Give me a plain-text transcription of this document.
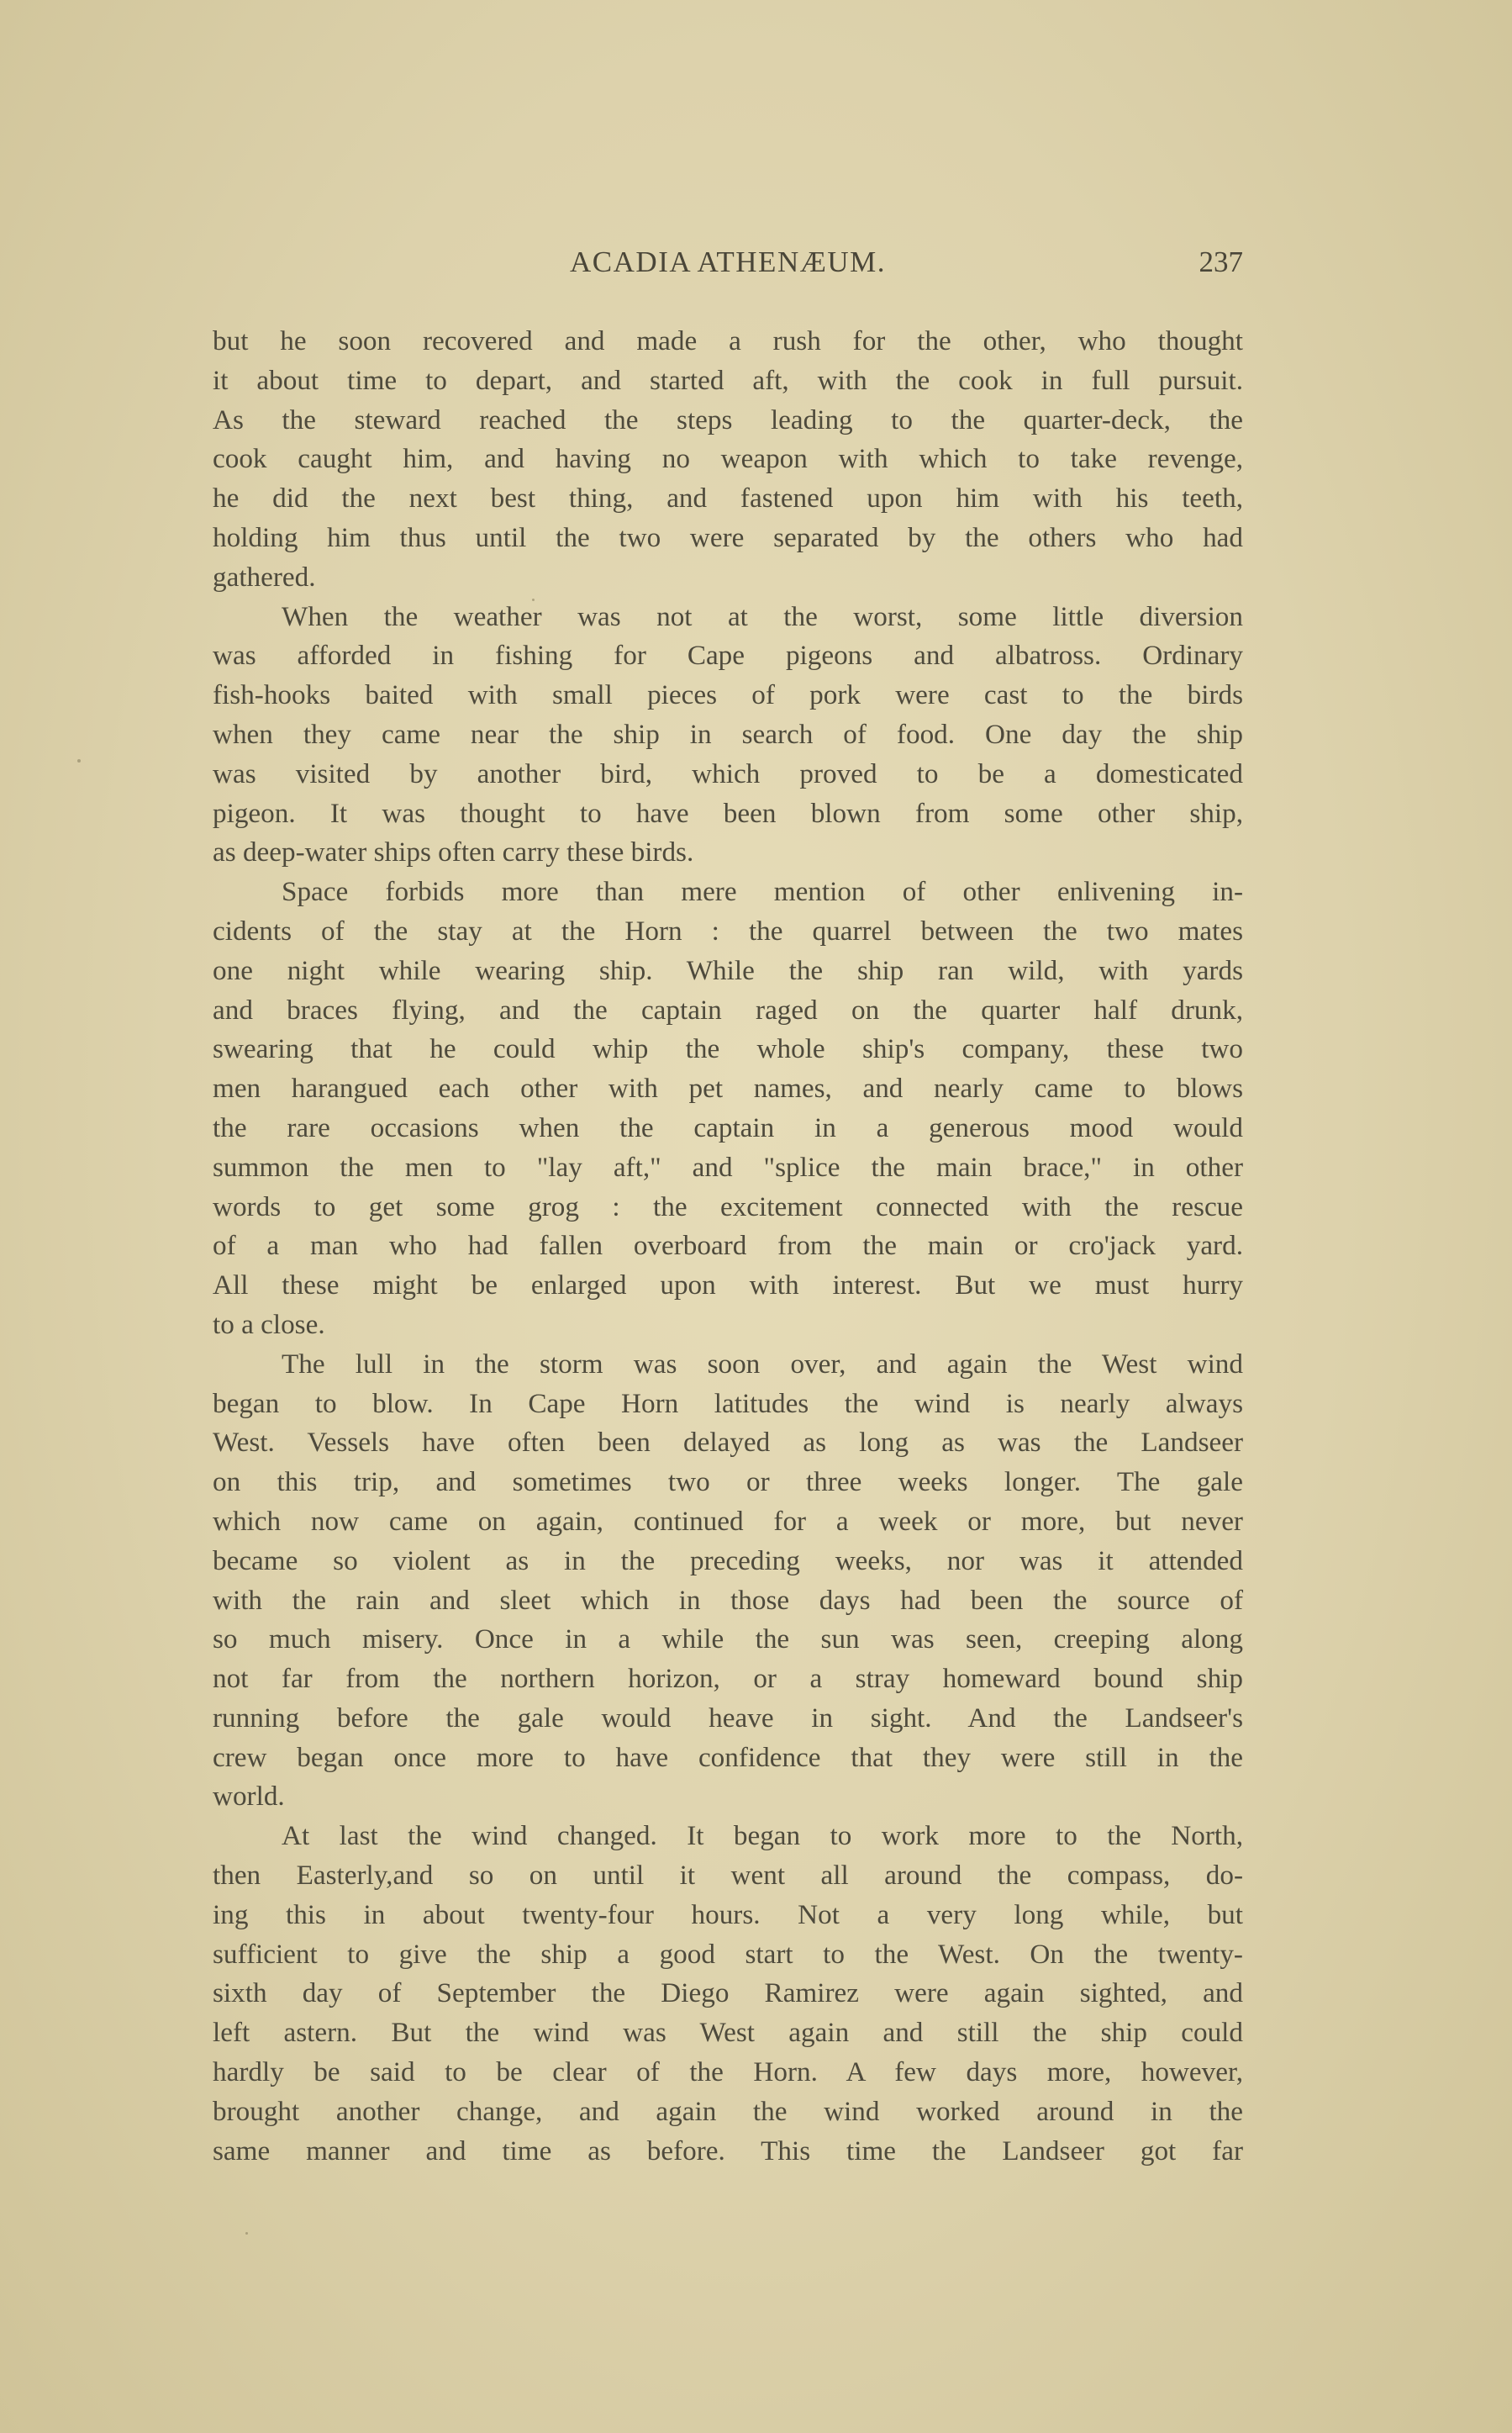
ACADIA ATHENÆUM.	237
but he soon recovered and made a rush for the other, who thought
it about time to depart, and started aft, with the cook in full pursuit.
As the steward reached the steps leading to the quarter-deck, the
cook caught him, and having no weapon with which to take revenge,
he did the next best thing, and fastened upon him with his teeth,
holding him thus until the two were separated by the others who had
gathered.
When the weather was not at the worst, some little diversion
was afforded in fishing for Cape pigeons and albatross. Ordinary
fish-hooks baited with small pieces of pork were cast to the birds
when they came near the ship in search of food. One day the ship
was visited by another bird, which proved to be a domesticated
pigeon. It was thought to have been blown from some other ship,
as deep-water ships often carry these birds.
Space forbids more than mere mention of other enlivening in-
cidents of the stay at the Horn : the quarrel between the two mates
one night while wearing ship. While the ship ran wild, with yards
and braces flying, and the captain raged on the quarter half drunk,
swearing that he could whip the whole ship's company, these two
men harangued each other with pet names, and nearly came to blows
the rare occasions when the captain in a generous mood would
summon the men to "lay aft," and "splice the main brace," in other
words to get some grog : the excitement connected with the rescue
of a man who had fallen overboard from the main or cro'jack yard.
All these might be enlarged upon with interest. But we must hurry
to a close.
The lull in the storm was soon over, and again the West wind
began to blow. In Cape Horn latitudes the wind is nearly always
West. Vessels have often been delayed as long as was the Landseer
on this trip, and sometimes two or three weeks longer. The gale
which now came on again, continued for a week or more, but never
became so violent as in the preceding weeks, nor was it attended
with the rain and sleet which in those days had been the source of
so much misery. Once in a while the sun was seen, creeping along
not far from the northern horizon, or a stray homeward bound ship
running before the gale would heave in sight. And the Landseer's
crew began once more to have confidence that they were still in the
world.
At last the wind changed. It began to work more to the North,
then Easterly,and so on until it went all around the compass, do-
ing this in about twenty-four hours. Not a very long while, but
sufficient to give the ship a good start to the West. On the twenty-
sixth day of September the Diego Ramirez were again sighted, and
left astern. But the wind was West again and still the ship could
hardly be said to be clear of the Horn. A few days more, however,
brought another change, and again the wind worked around in the
same manner and time as before. This time the Landseer got far
